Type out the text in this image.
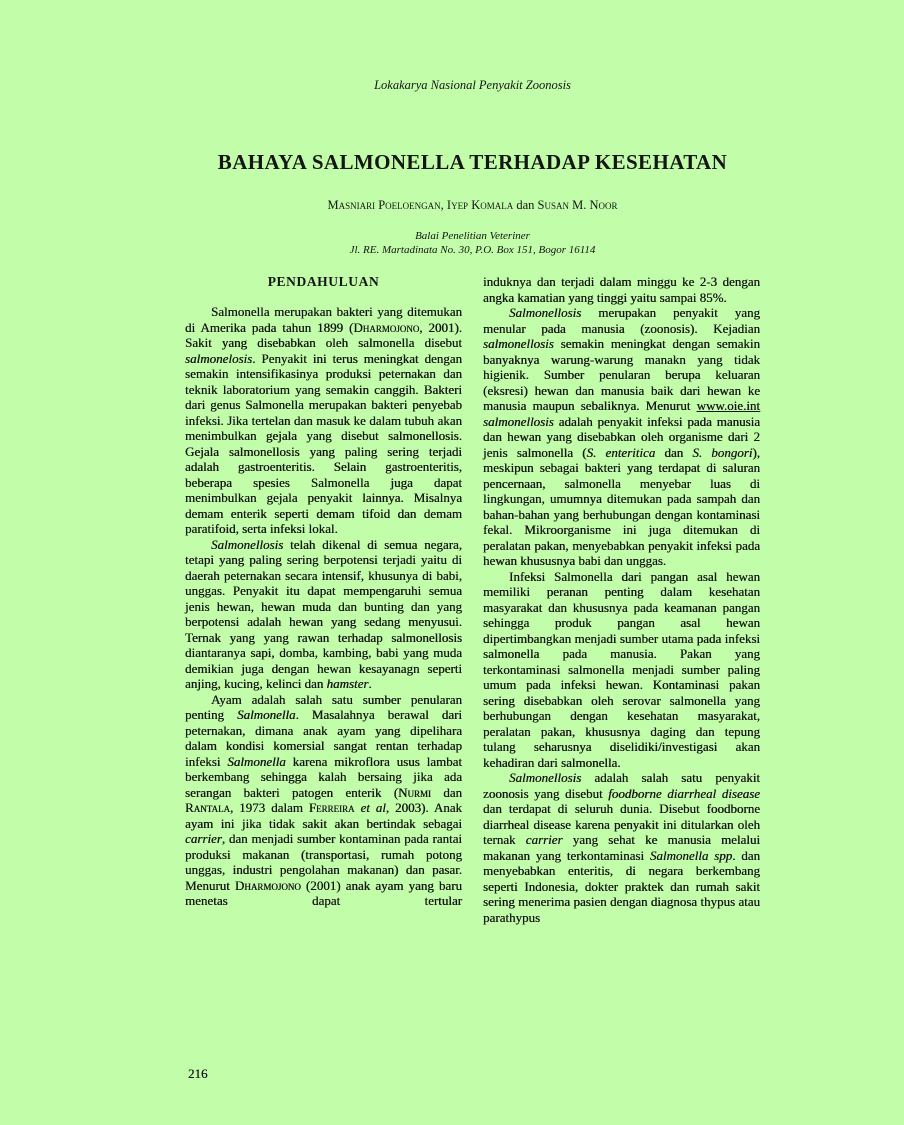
Lokakarya Nasional Penyakit Zoonosis
BAHAYA SALMONELLA TERHADAP KESEHATAN
Masniari Poeloengan, Iyep Komala dan Susan M. Noor
Balai Penelitian Veteriner
Jl. RE. Martadinata No. 30, P.O. Box 151, Bogor 16114
PENDAHULUAN

Salmonella merupakan bakteri yang ditemukan di Amerika pada tahun 1899 (Dharmojono, 2001). Sakit yang disebabkan oleh salmonella disebut salmonelosis. Penyakit ini terus meningkat dengan semakin intensifikasinya produksi peternakan dan teknik laboratorium yang semakin canggih. Bakteri dari genus Salmonella merupakan bakteri penyebab infeksi. Jika tertelan dan masuk ke dalam tubuh akan menimbulkan gejala yang disebut salmonellosis. Gejala salmonellosis yang paling sering terjadi adalah gastroenteritis. Selain gastroenteritis, beberapa spesies Salmonella juga dapat menimbulkan gejala penyakit lainnya. Misalnya demam enterik seperti demam tifoid dan demam paratifoid, serta infeksi lokal.

Salmonellosis telah dikenal di semua negara, tetapi yang paling sering berpotensi terjadi yaitu di daerah peternakan secara intensif, khusunya di babi, unggas. Penyakit itu dapat mempengaruhi semua jenis hewan, hewan muda dan bunting dan yang berpotensi adalah hewan yang sedang menyusui. Ternak yang yang rawan terhadap salmonellosis diantaranya sapi, domba, kambing, babi yang muda demikian juga dengan hewan kesayanagn seperti anjing, kucing, kelinci dan hamster.

Ayam adalah salah satu sumber penularan penting Salmonella. Masalahnya berawal dari peternakan, dimana anak ayam yang dipelihara dalam kondisi komersial sangat rentan terhadap infeksi Salmonella karena mikroflora usus lambat berkembang sehingga kalah bersaing jika ada serangan bakteri patogen enterik (Nurmi dan Rantala, 1973 dalam Ferreira et al, 2003). Anak ayam ini jika tidak sakit akan bertindak sebagai carrier, dan menjadi sumber kontaminan pada rantai produksi makanan (transportasi, rumah potong unggas, industri pengolahan makanan) dan pasar. Menurut Dharmojono (2001) anak ayam yang baru menetas dapat tertular

induknya dan terjadi dalam minggu ke 2-3 dengan angka kamatian yang tinggi yaitu sampai 85%.

Salmonellosis merupakan penyakit yang menular pada manusia (zoonosis). Kejadian salmonellosis semakin meningkat dengan semakin banyaknya warung-warung manakn yang tidak higienik. Sumber penularan berupa keluaran (eksresi) hewan dan manusia baik dari hewan ke manusia maupun sebaliknya. Menurut www.oie.int salmonellosis adalah penyakit infeksi pada manusia dan hewan yang disebabkan oleh organisme dari 2 jenis salmonella (S. enteritica dan S. bongori), meskipun sebagai bakteri yang terdapat di saluran pencernaan, salmonella menyebar luas di lingkungan, umumnya ditemukan pada sampah dan bahan-bahan yang berhubungan dengan kontaminasi fekal. Mikroorganisme ini juga ditemukan di peralatan pakan, menyebabkan penyakit infeksi pada hewan khususnya babi dan unggas.

Infeksi Salmonella dari pangan asal hewan memiliki peranan penting dalam kesehatan masyarakat dan khususnya pada keamanan pangan sehingga produk pangan asal hewan dipertimbangkan menjadi sumber utama pada infeksi salmonella pada manusia. Pakan yang terkontaminasi salmonella menjadi sumber paling umum pada infeksi hewan. Kontaminasi pakan sering disebabkan oleh serovar salmonella yang berhubungan dengan kesehatan masyarakat, peralatan pakan, khususnya daging dan tepung tulang seharusnya diselidiki/investigasi akan kehadiran dari salmonella.

Salmonellosis adalah salah satu penyakit zoonosis yang disebut foodborne diarrheal disease dan terdapat di seluruh dunia. Disebut foodborne diarrheal disease karena penyakit ini ditularkan oleh ternak carrier yang sehat ke manusia melalui makanan yang terkontaminasi Salmonella spp. dan menyebabkan enteritis, di negara berkembang seperti Indonesia, dokter praktek dan rumah sakit sering menerima pasien dengan diagnosa thypus atau parathypus

216
